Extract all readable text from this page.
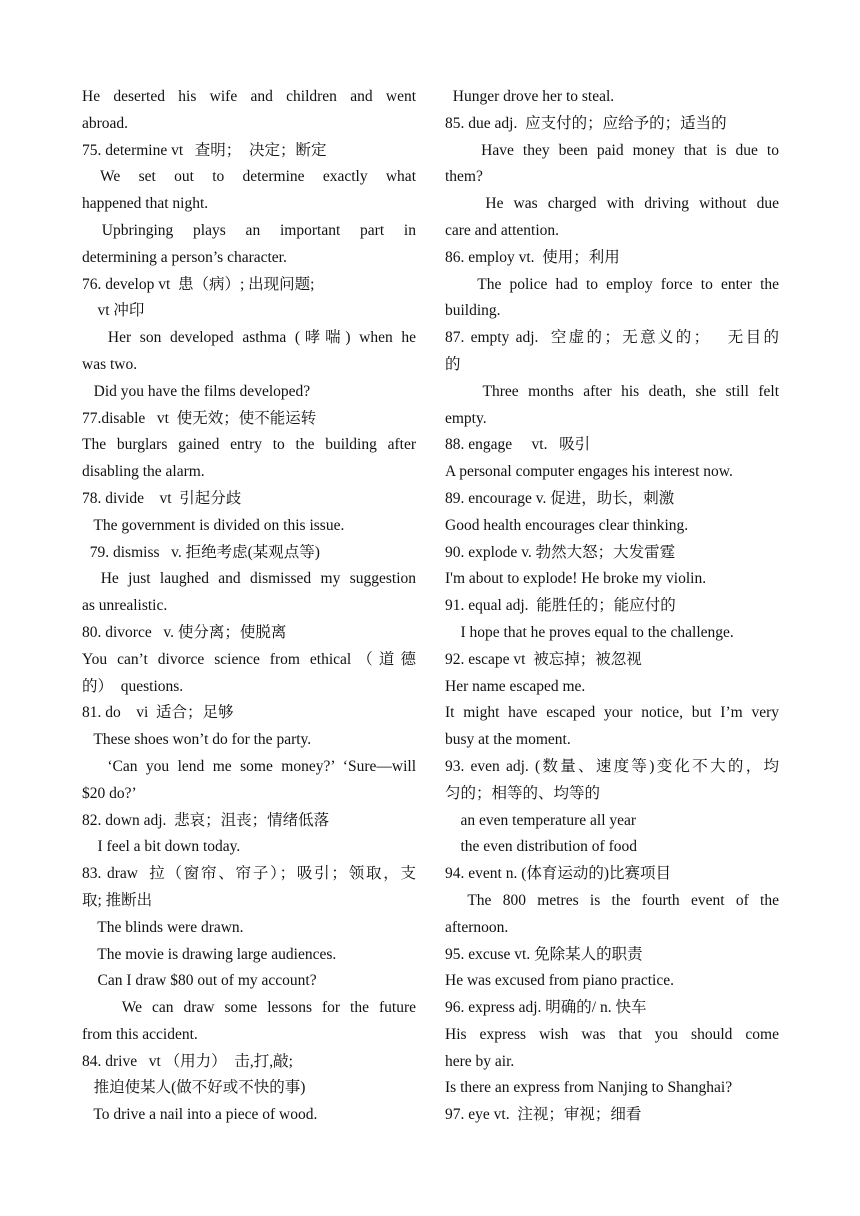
He deserted his wife and children and went
abroad.
75. determine vt   查明；  决定；断定
We set out to determine exactly what
happened that night.
Upbringing plays an important part in
determining a person’s character.
76. develop vt  患（病）; 出现问题;
vt 冲印
Her son developed asthma (哮喘) when he
was two.
Did you have the films developed?
77.disable   vt  使无效；使不能运转
The burglars gained entry to the building after
disabling the alarm.
78. divide    vt  引起分歧
The government is divided on this issue.
79. dismiss   v. 拒绝考虑(某观点等)
He just laughed and dismissed my suggestion
as unrealistic.
80. divorce   v. 使分离；使脱离
You can’t divorce science from ethical（道德
的）  questions.
81. do    vi  适合；足够
These shoes won’t do for the party.
‘Can you lend me some money?’ ‘Sure—will
$20 do?’
82. down adj.  悲哀；沮丧；情绪低落
I feel a bit down today.
83. draw  拉（窗帘、帘子）；吸引；领取，支
取; 推断出
The blinds were drawn.
The movie is drawing large audiences.
Can I draw $80 out of my account?
We can draw some lessons for the future
from this accident.
84. drive   vt （用力）  击,打,敲;
推迫使某人(做不好或不快的事)
To drive a nail into a piece of wood.
Hunger drove her to steal.
85. due adj.  应支付的；应给予的；适当的
Have they been paid money that is due to
them?
He was charged with driving without due
care and attention.
86. employ vt.  使用；利用
The police had to employ force to enter the
building.
87. empty adj.  空虚的；无意义的；   无目的
的
Three months after his death, she still felt
empty.
88. engage     vt.   吸引
A personal computer engages his interest now.
89. encourage v. 促进，助长，刺激
Good health encourages clear thinking.
90. explode v. 勃然大怒；大发雷霆
I'm about to explode! He broke my violin.
91. equal adj.  能胜任的；能应付的
I hope that he proves equal to the challenge.
92. escape vt  被忘掉；被忽视
Her name escaped me.
It might have escaped your notice, but I’m very
busy at the moment.
93. even adj. (数量、速度等)变化不大的，均
匀的；相等的、均等的
an even temperature all year
the even distribution of food
94. event n. (体育运动的)比赛项目
The 800 metres is the fourth event of the
afternoon.
95. excuse vt. 免除某人的职责
He was excused from piano practice.
96. express adj. 明确的/ n. 快车
His express wish was that you should come
here by air.
Is there an express from Nanjing to Shanghai?
97. eye vt.  注视；审视；细看
